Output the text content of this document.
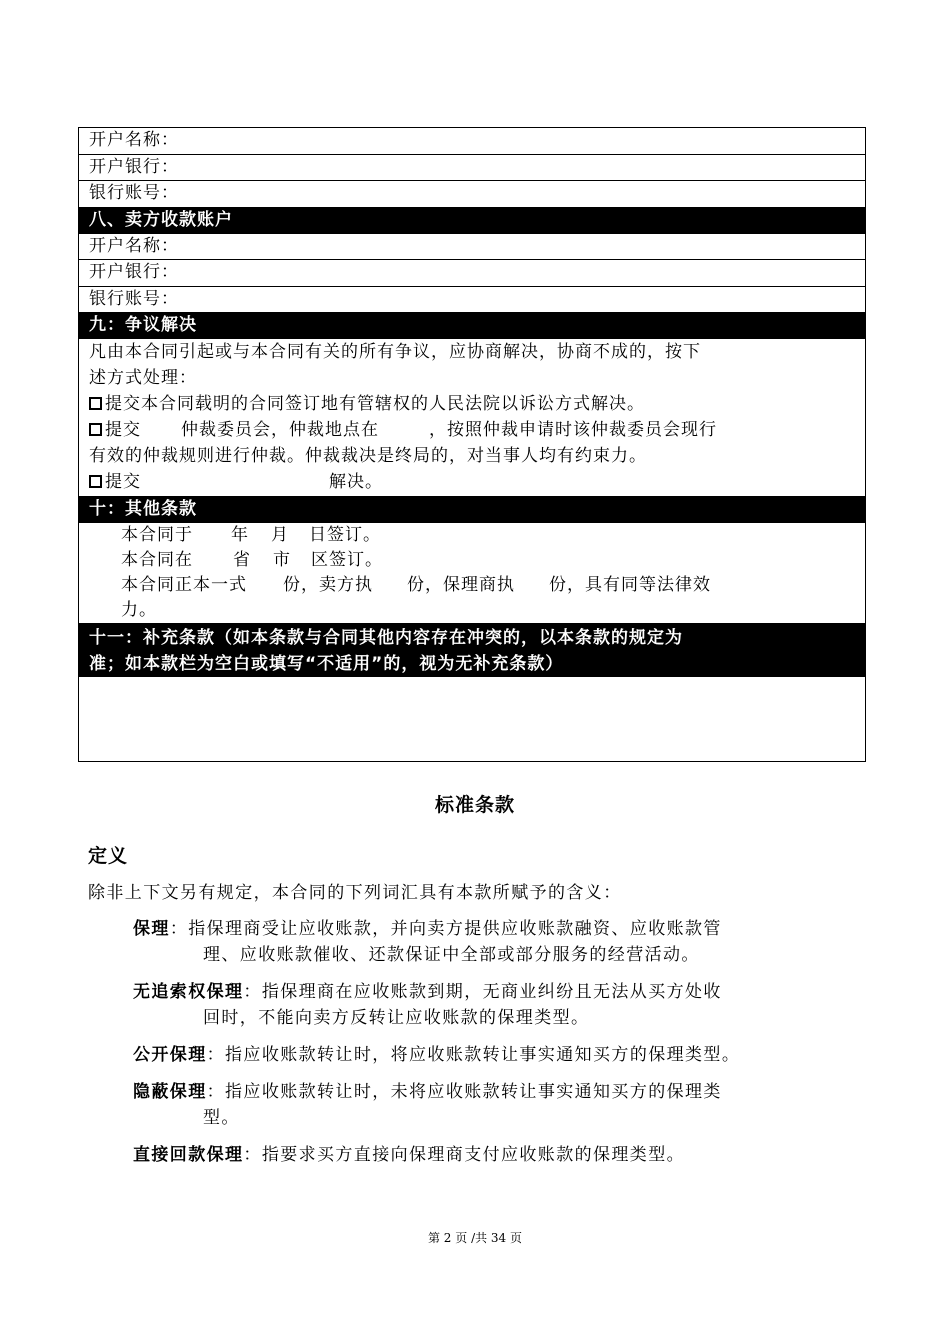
开户名称：
开户银行：
银行账号：
八、卖方收款账户
开户名称：
开户银行：
银行账号：
九：争议解决
凡由本合同引起或与本合同有关的所有争议，应协商解决，协商不成的，按下
述方式处理：
提交本合同载明的合同签订地有管辖权的人民法院以诉讼方式解决。
提交 仲裁委员会，仲裁地点在	，按照仲裁申请时该仲裁委员会现行
有效的仲裁规则进行仲裁。仲裁裁决是终局的，对当事人均有约束力。
提交	解决。
十：其他条款
本合同于 年 月 日签订。
本合同在 省 市 区签订。
本合同正本一式 份，卖方执 份，保理商执 份，具有同等法律效
力。
十一：补充条款（如本条款与合同其他内容存在冲突的，以本条款的规定为
准；如本款栏为空白或填写“不适用”的，视为无补充条款）
标准条款
定义
除非上下文另有规定，本合同的下列词汇具有本款所赋予的含义：
保理：指保理商受让应收账款，并向卖方提供应收账款融资、应收账款管
理、应收账款催收、还款保证中全部或部分服务的经营活动。
无追索权保理：指保理商在应收账款到期，无商业纠纷且无法从买方处收
回时，不能向卖方反转让应收账款的保理类型。
公开保理：指应收账款转让时，将应收账款转让事实通知买方的保理类型。
隐蔽保理：指应收账款转让时，未将应收账款转让事实通知买方的保理类
型。
直接回款保理：指要求买方直接向保理商支付应收账款的保理类型。
第 2 页 /共 34 页
